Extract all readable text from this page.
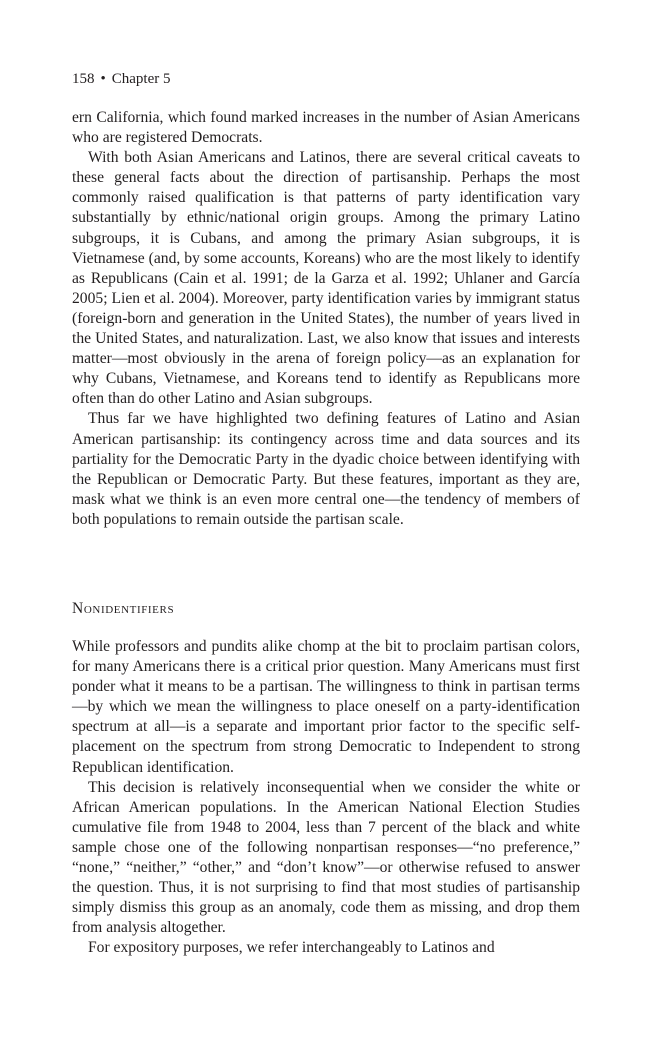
158 • Chapter 5

ern California, which found marked increases in the number of Asian Americans who are registered Democrats.

With both Asian Americans and Latinos, there are several critical caveats to these general facts about the direction of partisanship. Perhaps the most commonly raised qualification is that patterns of party identification vary substantially by ethnic/national origin groups. Among the primary Latino subgroups, it is Cubans, and among the primary Asian subgroups, it is Vietnamese (and, by some accounts, Koreans) who are the most likely to identify as Republicans (Cain et al. 1991; de la Garza et al. 1992; Uhlaner and García 2005; Lien et al. 2004). Moreover, party identification varies by immigrant status (foreign-born and generation in the United States), the number of years lived in the United States, and naturalization. Last, we also know that issues and interests matter—most obviously in the arena of foreign policy—as an explanation for why Cubans, Vietnamese, and Koreans tend to identify as Republicans more often than do other Latino and Asian subgroups.

Thus far we have highlighted two defining features of Latino and Asian American partisanship: its contingency across time and data sources and its partiality for the Democratic Party in the dyadic choice between identifying with the Republican or Democratic Party. But these features, important as they are, mask what we think is an even more central one—the tendency of members of both populations to remain outside the partisan scale.

Nonidentifiers

While professors and pundits alike chomp at the bit to proclaim partisan colors, for many Americans there is a critical prior question. Many Americans must first ponder what it means to be a partisan. The willingness to think in partisan terms—by which we mean the willingness to place oneself on a party-identification spectrum at all—is a separate and important prior factor to the specific self-placement on the spectrum from strong Democratic to Independent to strong Republican identification.

This decision is relatively inconsequential when we consider the white or African American populations. In the American National Election Studies cumulative file from 1948 to 2004, less than 7 percent of the black and white sample chose one of the following nonpartisan responses—“no preference,” “none,” “neither,” “other,” and “don’t know”—or otherwise refused to answer the question. Thus, it is not surprising to find that most studies of partisanship simply dismiss this group as an anomaly, code them as missing, and drop them from analysis altogether.

For expository purposes, we refer interchangeably to Latinos and
